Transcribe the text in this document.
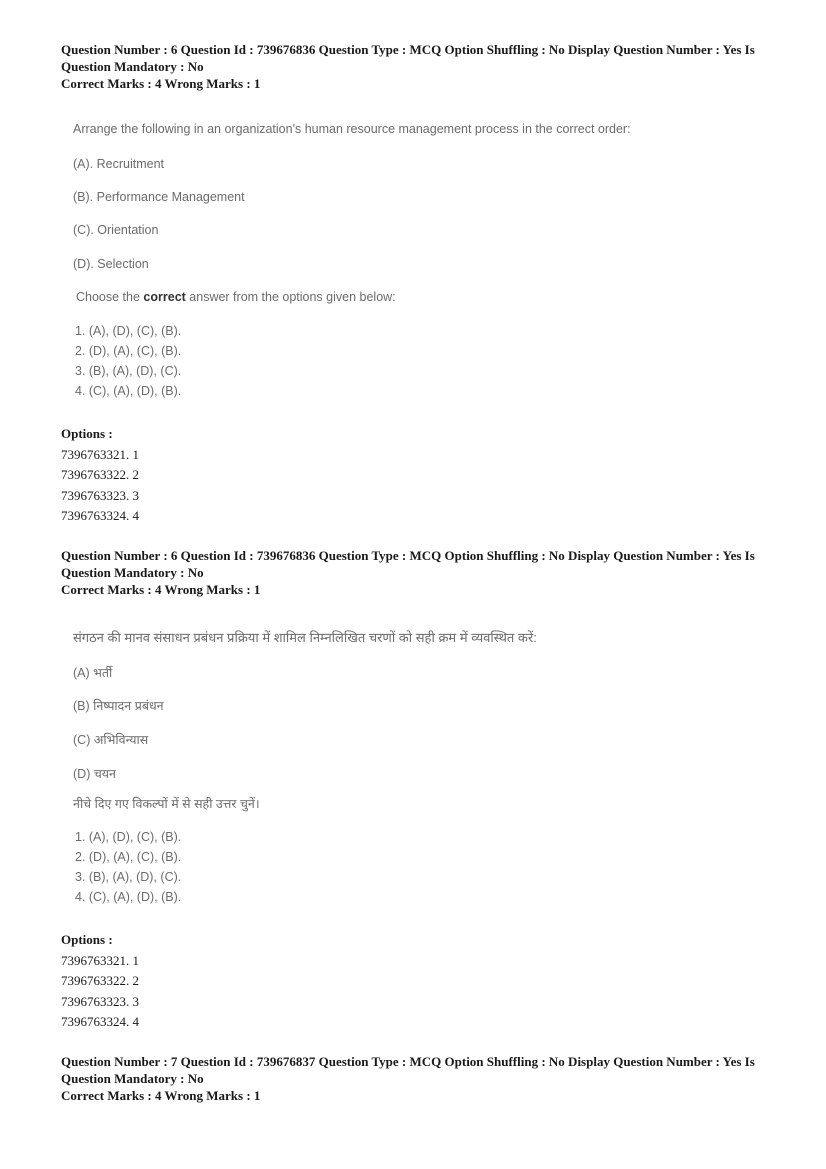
Question Number : 6 Question Id : 739676836 Question Type : MCQ Option Shuffling : No Display Question Number : Yes Is
Question Mandatory : No
Correct Marks : 4 Wrong Marks : 1
Arrange the following in an organization's human resource management process in the correct order:
(A). Recruitment
(B). Performance Management
(C). Orientation
(D). Selection
Choose the correct answer from the options given below:
1. (A), (D), (C), (B).
2. (D), (A), (C), (B).
3. (B), (A), (D), (C).
4. (C), (A), (D), (B).
Options :
7396763321. 1
7396763322. 2
7396763323. 3
7396763324. 4
Question Number : 6 Question Id : 739676836 Question Type : MCQ Option Shuffling : No Display Question Number : Yes Is
Question Mandatory : No
Correct Marks : 4 Wrong Marks : 1
संगठन की मानव संसाधन प्रबंधन प्रक्रिया में शामिल निम्नलिखित चरणों को सही क्रम में व्यवस्थित करें:
(A) भर्ती
(B) निष्पादन प्रबंधन
(C) अभिविन्यास
(D) चयन
नीचे दिए गए विकल्पों में से सही उत्तर चुनें।
1. (A), (D), (C), (B).
2. (D), (A), (C), (B).
3. (B), (A), (D), (C).
4. (C), (A), (D), (B).
Options :
7396763321. 1
7396763322. 2
7396763323. 3
7396763324. 4
Question Number : 7 Question Id : 739676837 Question Type : MCQ Option Shuffling : No Display Question Number : Yes Is
Question Mandatory : No
Correct Marks : 4 Wrong Marks : 1
